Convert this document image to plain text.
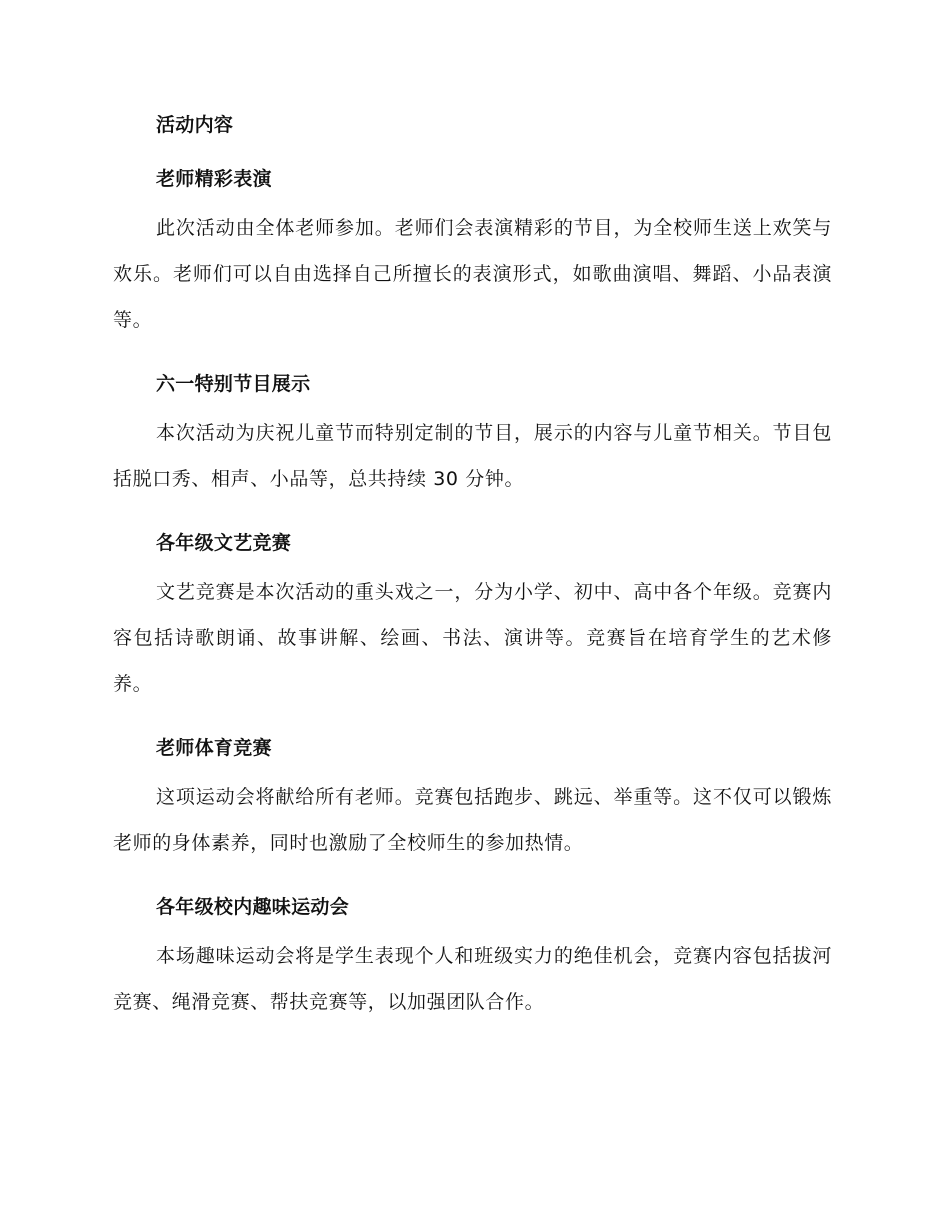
活动内容
老师精彩表演

此次活动由全体老师参加。老师们会表演精彩的节目，为全校师生送上欢笑与欢乐。老师们可以自由选择自己所擅长的表演形式，如歌曲演唱、舞蹈、小品表演等。

六一特别节目展示

本次活动为庆祝儿童节而特别定制的节目，展示的内容与儿童节相关。节目包括脱口秀、相声、小品等，总共持续 30 分钟。

各年级文艺竞赛

文艺竞赛是本次活动的重头戏之一，分为小学、初中、高中各个年级。竞赛内容包括诗歌朗诵、故事讲解、绘画、书法、演讲等。竞赛旨在培育学生的艺术修养。

老师体育竞赛

这项运动会将献给所有老师。竞赛包括跑步、跳远、举重等。这不仅可以锻炼老师的身体素养，同时也激励了全校师生的参加热情。

各年级校内趣味运动会

本场趣味运动会将是学生表现个人和班级实力的绝佳机会，竞赛内容包括拔河竞赛、绳滑竞赛、帮扶竞赛等，以加强团队合作。
